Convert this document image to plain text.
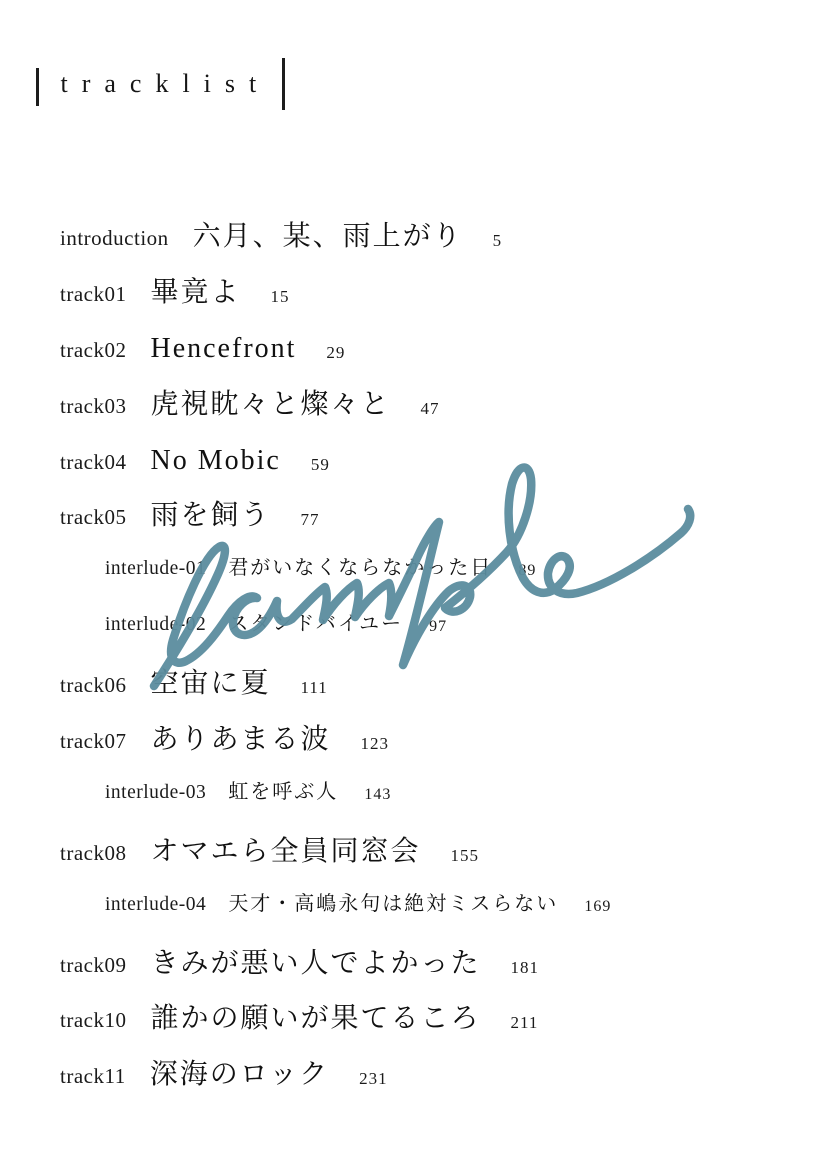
tracklist
introduction 六月、某、雨上がり 5
track01 畢竟よ 15
track02 Hencefront 29
track03 虎視眈々と燦々と 47
track04 No Mobic 59
track05 雨を飼う 77
interlude-01 君がいなくならなかった日 89
interlude-02 スタンドバイユー 97
track06 空宙に夏 111
track07 ありあまる波 123
interlude-03 虹を呼ぶ人 143
track08 オマエら全員同窓会 155
interlude-04 天才・高嶋永句は絶対ミスらない 169
track09 きみが悪い人でよかった 181
track10 誰かの願いが果てるころ 211
track11 深海のロック 231
